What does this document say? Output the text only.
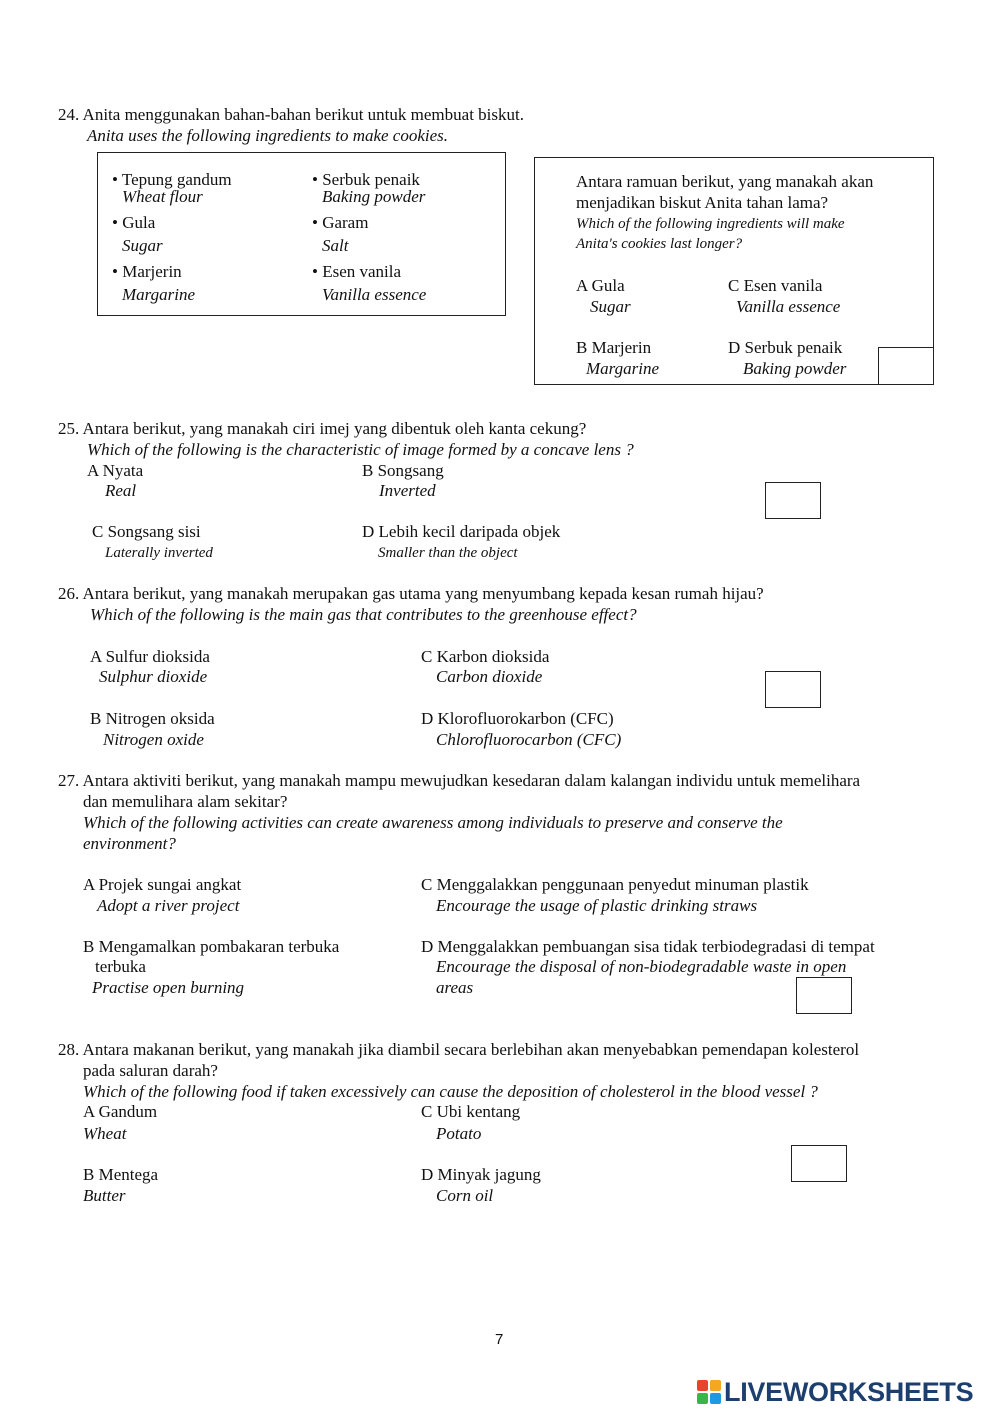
24. Anita menggunakan bahan-bahan berikut untuk membuat biskut.
Anita uses the following ingredients to make cookies.
• Tepung gandum
Wheat flour
• Serbuk penaik
Baking powder
• Gula
Sugar
• Garam
Salt
• Marjerin
Margarine
• Esen vanila
Vanilla essence
Antara ramuan berikut, yang manakah akan
menjadikan biskut Anita tahan lama?
Which of the following ingredients will make
Anita's cookies last longer?
A Gula
Sugar
C Esen vanila
Vanilla essence
B Marjerin
Margarine
D Serbuk penaik
Baking powder
25. Antara berikut, yang manakah ciri imej yang dibentuk oleh kanta cekung?
Which of the following is the characteristic of image formed by a concave lens ?
A Nyata
Real
B Songsang
Inverted
C Songsang sisi
Laterally inverted
D Lebih kecil daripada objek
Smaller than the object
26. Antara berikut, yang manakah merupakan gas utama yang menyumbang kepada kesan rumah hijau?
Which of the following is the main gas that contributes to the greenhouse effect?
A Sulfur dioksida
Sulphur dioxide
C Karbon dioksida
Carbon dioxide
B Nitrogen oksida
Nitrogen oxide
D Klorofluorokarbon (CFC)
Chlorofluorocarbon (CFC)
27. Antara aktiviti berikut, yang manakah mampu mewujudkan kesedaran dalam kalangan individu untuk memelihara
dan memulihara alam sekitar?
Which of the following activities can create awareness among individuals to preserve and conserve the
environment?
A Projek sungai angkat
Adopt a river project
C Menggalakkan penggunaan penyedut minuman plastik
Encourage the usage of plastic drinking straws
B Mengamalkan pombakaran terbuka
terbuka
Practise open burning
D Menggalakkan pembuangan sisa tidak terbiodegradasi di tempat
Encourage the disposal of non-biodegradable waste in open
areas
28. Antara makanan berikut, yang manakah jika diambil secara berlebihan akan menyebabkan pemendapan kolesterol
pada saluran darah?
Which of the following food if taken excessively can cause the deposition of cholesterol in the blood vessel ?
A Gandum
Wheat
C Ubi kentang
Potato
B Mentega
Butter
D Minyak jagung
Corn oil
7
LIVE WORKSHEETS
